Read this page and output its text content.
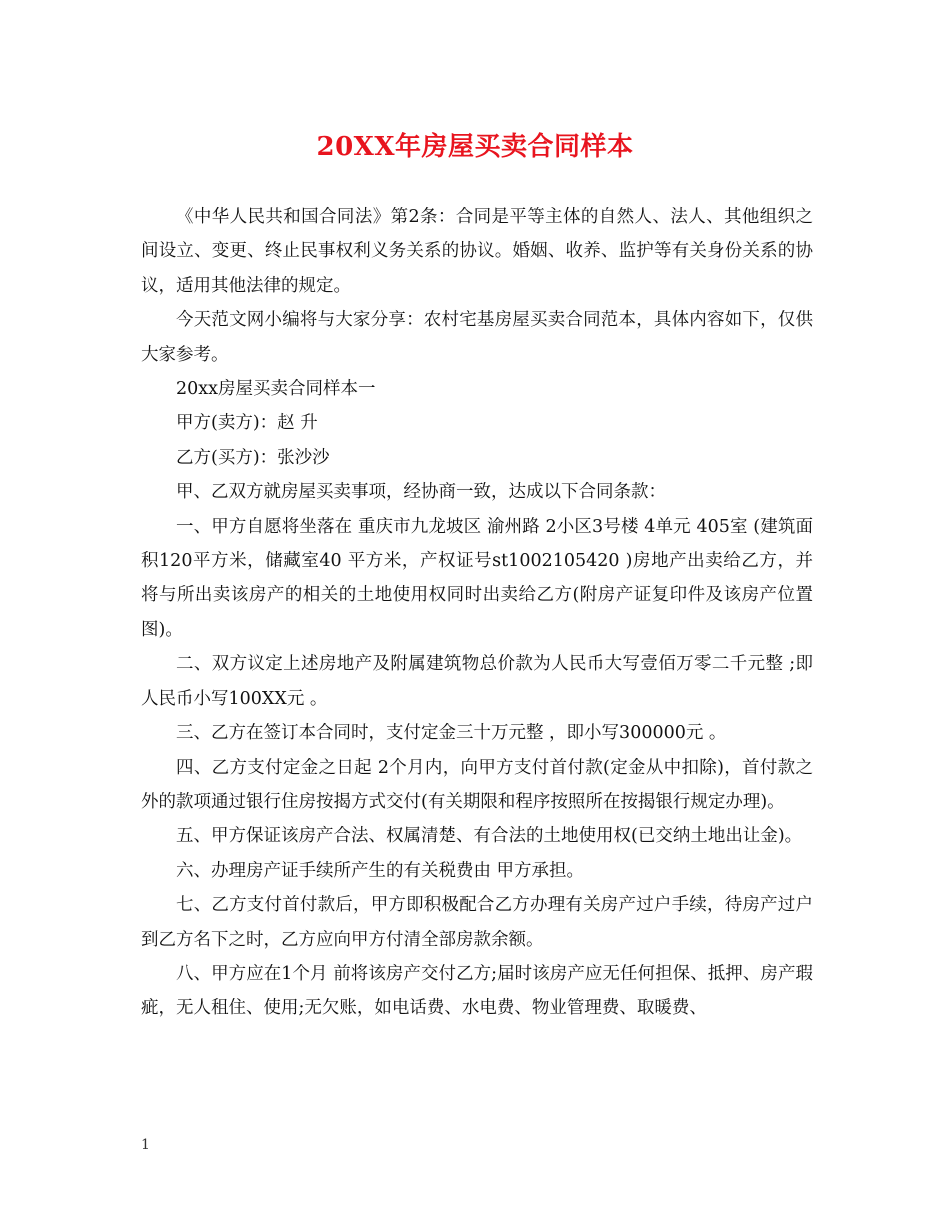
20XX年房屋买卖合同样本

《中华人民共和国合同法》第2条：合同是平等主体的自然人、法人、其他组织之间设立、变更、终止民事权利义务关系的协议。婚姻、收养、监护等有关身份关系的协议，适用其他法律的规定。

今天范文网小编将与大家分享：农村宅基房屋买卖合同范本，具体内容如下，仅供大家参考。

20xx房屋买卖合同样本一

甲方(卖方)：赵 升

乙方(买方)：张沙沙

甲、乙双方就房屋买卖事项，经协商一致，达成以下合同条款：

一、甲方自愿将坐落在 重庆市九龙坡区 渝州路 2小区3号楼 4单元 405室 (建筑面积120平方米，储藏室40 平方米，产权证号st1002105420 )房地产出卖给乙方，并将与所出卖该房产的相关的土地使用权同时出卖给乙方(附房产证复印件及该房产位置图)。

二、双方议定上述房地产及附属建筑物总价款为人民币大写壹佰万零二千元整 ;即人民币小写100XX元 。

三、乙方在签订本合同时，支付定金三十万元整 ，即小写300000元 。

四、乙方支付定金之日起 2个月内，向甲方支付首付款(定金从中扣除)，首付款之外的款项通过银行住房按揭方式交付(有关期限和程序按照所在按揭银行规定办理)。

五、甲方保证该房产合法、权属清楚、有合法的土地使用权(已交纳土地出让金)。

六、办理房产证手续所产生的有关税费由 甲方承担。

七、乙方支付首付款后，甲方即积极配合乙方办理有关房产过户手续，待房产过户到乙方名下之时，乙方应向甲方付清全部房款余额。

八、甲方应在1个月 前将该房产交付乙方;届时该房产应无任何担保、抵押、房产瑕疵，无人租住、使用;无欠账，如电话费、水电费、物业管理费、取暖费、

1
